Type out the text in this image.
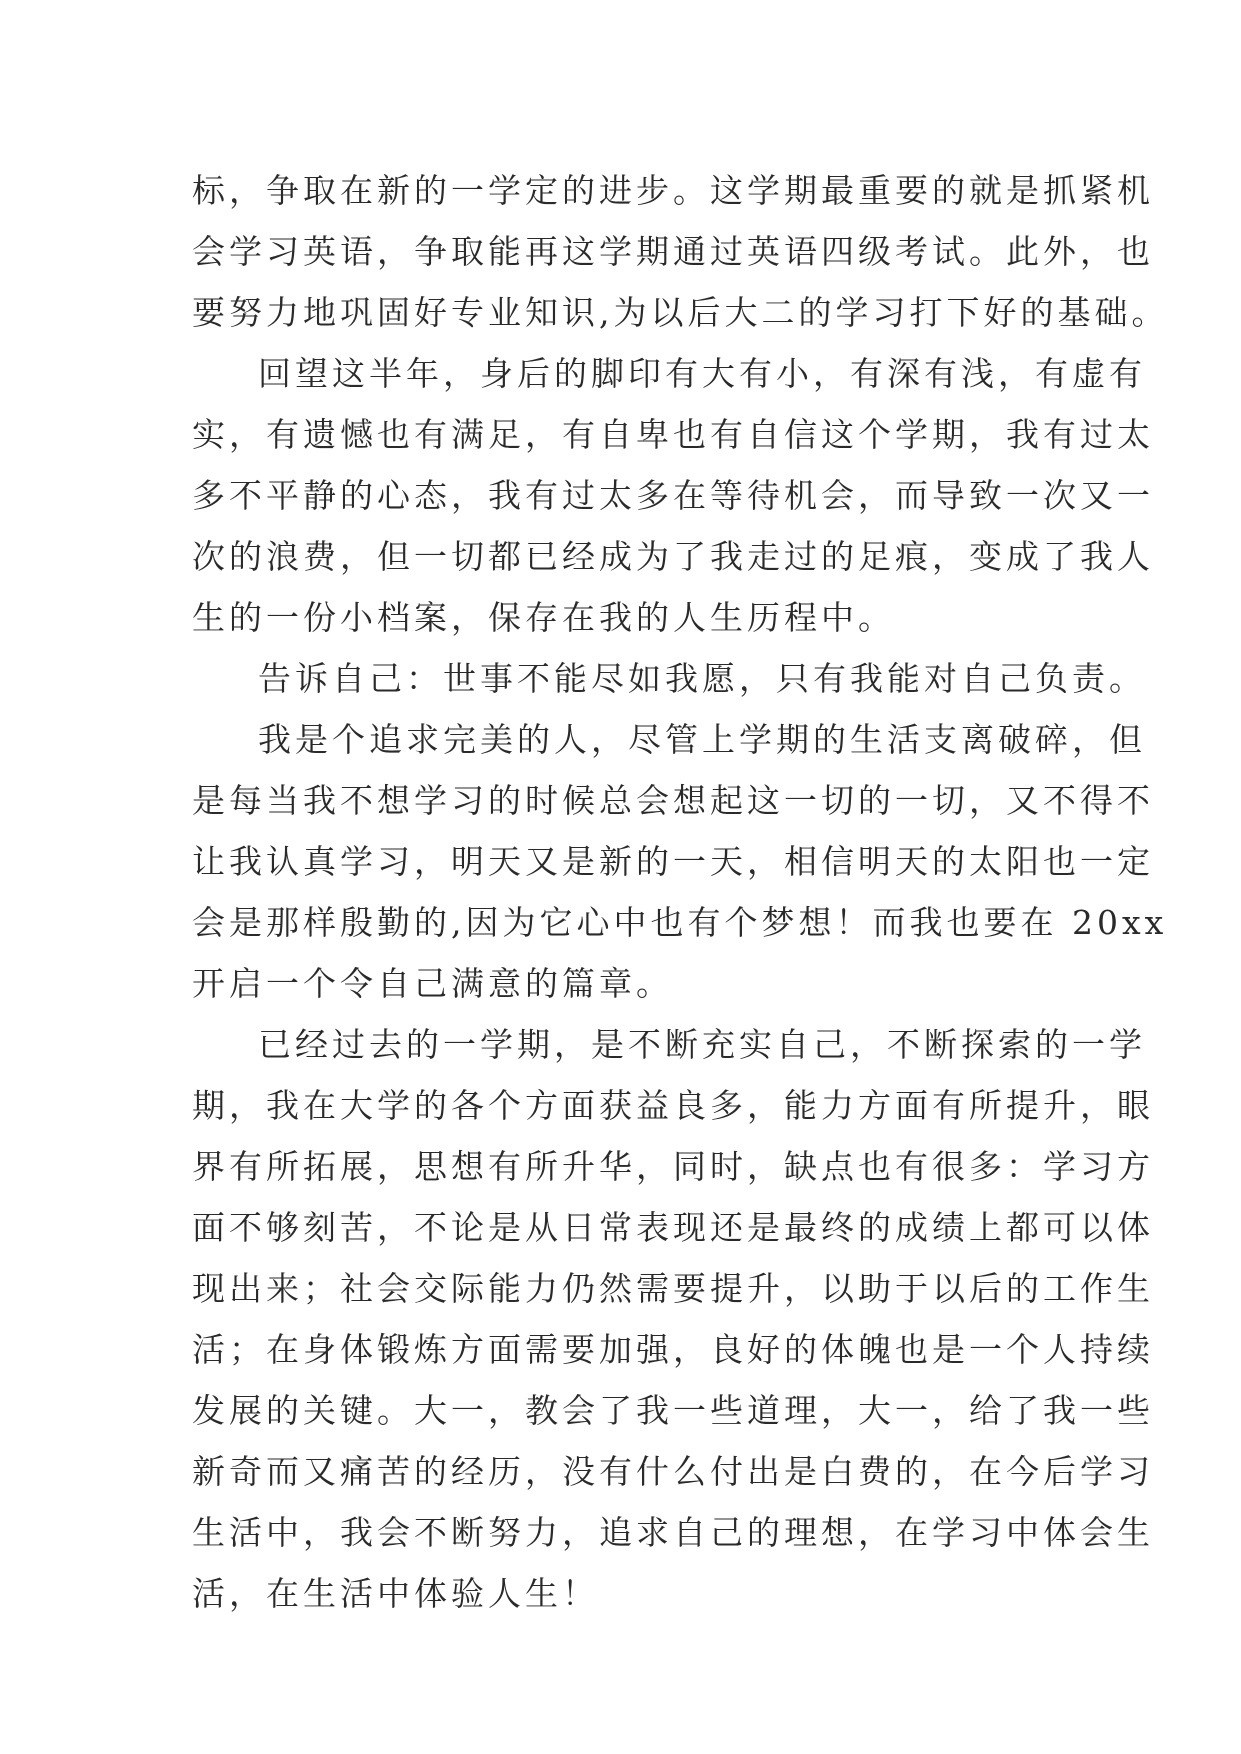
标，争取在新的一学定的进步。这学期最重要的就是抓紧机
会学习英语，争取能再这学期通过英语四级考试。此外，也
要努力地巩固好专业知识,为以后大二的学习打下好的基础。
回望这半年，身后的脚印有大有小，有深有浅，有虚有
实，有遗憾也有满足，有自卑也有自信这个学期，我有过太
多不平静的心态，我有过太多在等待机会，而导致一次又一
次的浪费，但一切都已经成为了我走过的足痕，变成了我人
生的一份小档案，保存在我的人生历程中。
告诉自己：世事不能尽如我愿，只有我能对自己负责。
我是个追求完美的人，尽管上学期的生活支离破碎，但
是每当我不想学习的时候总会想起这一切的一切，又不得不
让我认真学习，明天又是新的一天，相信明天的太阳也一定
会是那样殷勤的,因为它心中也有个梦想！而我也要在 20xx
开启一个令自己满意的篇章。
已经过去的一学期，是不断充实自己，不断探索的一学
期，我在大学的各个方面获益良多，能力方面有所提升，眼
界有所拓展，思想有所升华，同时，缺点也有很多：学习方
面不够刻苦，不论是从日常表现还是最终的成绩上都可以体
现出来；社会交际能力仍然需要提升，以助于以后的工作生
活；在身体锻炼方面需要加强，良好的体魄也是一个人持续
发展的关键。大一，教会了我一些道理，大一，给了我一些
新奇而又痛苦的经历，没有什么付出是白费的，在今后学习
生活中，我会不断努力，追求自己的理想，在学习中体会生
活，在生活中体验人生！
